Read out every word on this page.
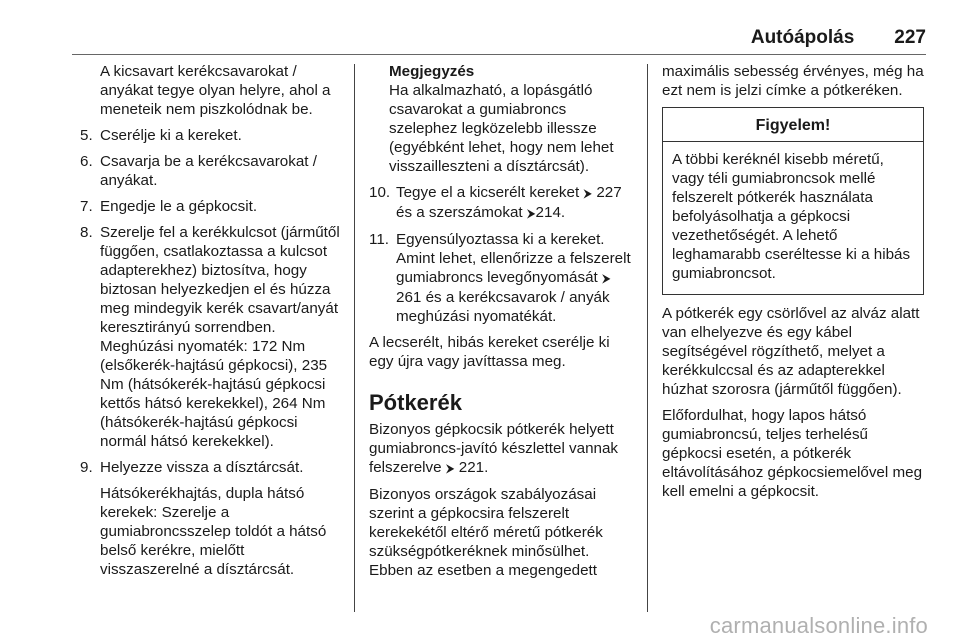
Autóápolás 227
A kicsavart kerékcsavarokat / anyákat tegye olyan helyre, ahol a meneteik nem piszkolódnak be.
5. Cserélje ki a kereket.
6. Csavarja be a kerékcsavarokat / anyákat.
7. Engedje le a gépkocsit.
8. Szerelje fel a kerékkulcsot (járműtől függően, csatlakoztassa a kulcsot adapterekhez) biztosítva, hogy biztosan helyezkedjen el és húzza meg mindegyik kerék csavart/anyát keresztirányú sorrendben. Meghúzási nyomaték: 172 Nm (elsőkerék-hajtású gépkocsi), 235 Nm (hátsókerék-hajtású gépkocsi kettős hátsó kerekekkel), 264 Nm (hátsókerék-hajtású gépkocsi normál hátsó kerekekkel).
9. Helyezze vissza a dísztárcsát.
Hátsókerékhajtás, dupla hátsó kerekek: Szerelje a gumiabroncsszelep toldót a hátsó belső kerékre, mielőtt visszaszerelné a dísztárcsát.
Megjegyzés
Ha alkalmazható, a lopásgátló csavarokat a gumiabroncs szelephez legközelebb illessze (egyébként lehet, hogy nem lehet visszailleszteni a dísztárcsát).
10. Tegye el a kicserélt kereket ⮞ 227 és a szerszámokat ⮞214.
11. Egyensúlyoztassa ki a kereket. Amint lehet, ellenőrizze a felszerelt gumiabroncs levegőnyomását ⮞ 261 és a kerékcsavarok / anyák meghúzási nyomatékát.
A lecserélt, hibás kereket cserélje ki egy újra vagy javíttassa meg.
Pótkerék
Bizonyos gépkocsik pótkerék helyett gumiabroncs-javító készlettel vannak felszerelve ⮞ 221.
Bizonyos országok szabályozásai szerint a gépkocsira felszerelt kerekekétől eltérő méretű pótkerék szükségpótkeréknek minősülhet. Ebben az esetben a megengedett
maximális sebesség érvényes, még ha ezt nem is jelzi címke a pótkeréken.
Figyelem!
A többi keréknél kisebb méretű, vagy téli gumiabroncsok mellé felszerelt pótkerék használata befolyásolhatja a gépkocsi vezethetőségét. A lehető leghamarabb cseréltesse ki a hibás gumiabroncsot.
A pótkerék egy csörlővel az alváz alatt van elhelyezve és egy kábel segítségével rögzíthető, melyet a kerékkulccsal és az adapterekkel húzhat szorosra (járműtől függően).
Előfordulhat, hogy lapos hátsó gumiabroncsú, teljes terhelésű gépkocsi esetén, a pótkerék eltávolításához gépkocsiemelővel meg kell emelni a gépkocsit.
carmanualsonline.info
